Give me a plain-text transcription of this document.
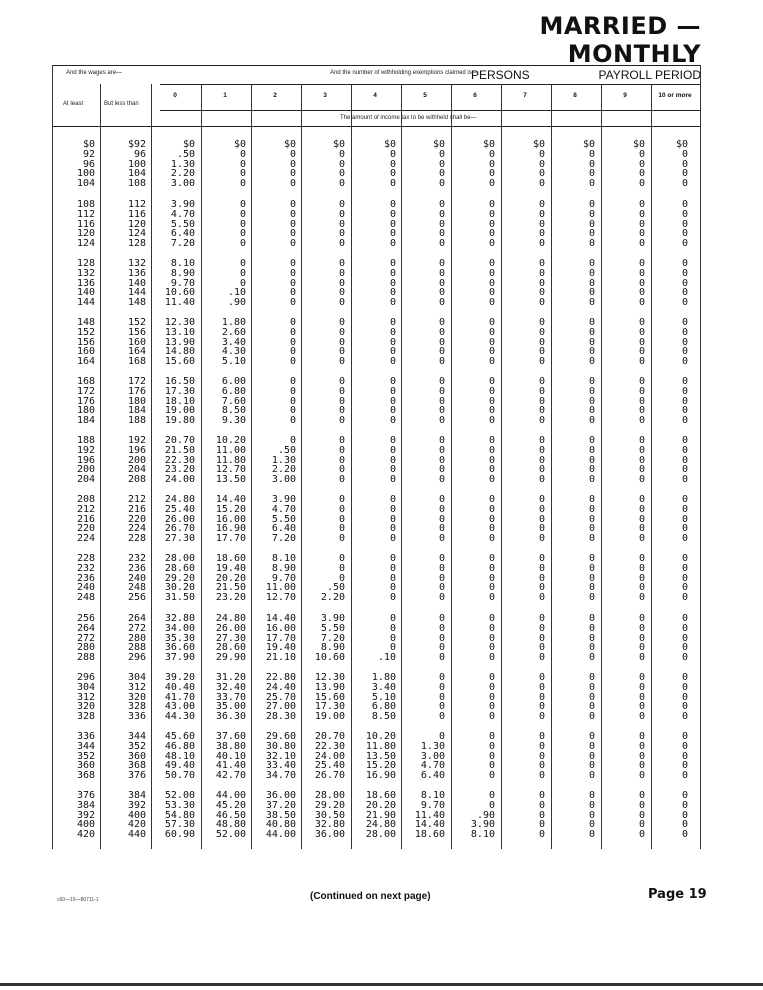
MARRIED — MONTHLY
PERSONS	PAYROLL PERIOD
And the wages are—	And the number of withholding exemptions claimed is—
At least	But less than
The amount of income tax to be withheld shall be—
0	1	2	3	4	5	6	7	8	9	10 or more
$0	$92	$0	$0	$0	$0	$0	$0	$0	$0	$0	$0	$0
92	96	.50	0	0	0	0	0	0	0	0	0	0
96	100	1.30	0	0	0	0	0	0	0	0	0	0
100	104	2.20	0	0	0	0	0	0	0	0	0	0
104	108	3.00	0	0	0	0	0	0	0	0	0	0
108	112	3.90	0	0	0	0	0	0	0	0	0	0
112	116	4.70	0	0	0	0	0	0	0	0	0	0
116	120	5.50	0	0	0	0	0	0	0	0	0	0
120	124	6.40	0	0	0	0	0	0	0	0	0	0
124	128	7.20	0	0	0	0	0	0	0	0	0	0
128	132	8.10	0	0	0	0	0	0	0	0	0	0
132	136	8.90	0	0	0	0	0	0	0	0	0	0
136	140	9.70	0	0	0	0	0	0	0	0	0	0
140	144	10.60	.10	0	0	0	0	0	0	0	0	0
144	148	11.40	.90	0	0	0	0	0	0	0	0	0
148	152	12.30	1.80	0	0	0	0	0	0	0	0	0
152	156	13.10	2.60	0	0	0	0	0	0	0	0	0
156	160	13.90	3.40	0	0	0	0	0	0	0	0	0
160	164	14.80	4.30	0	0	0	0	0	0	0	0	0
164	168	15.60	5.10	0	0	0	0	0	0	0	0	0
168	172	16.50	6.00	0	0	0	0	0	0	0	0	0
172	176	17.30	6.80	0	0	0	0	0	0	0	0	0
176	180	18.10	7.60	0	0	0	0	0	0	0	0	0
180	184	19.00	8.50	0	0	0	0	0	0	0	0	0
184	188	19.80	9.30	0	0	0	0	0	0	0	0	0
188	192	20.70	10.20	0	0	0	0	0	0	0	0	0
192	196	21.50	11.00	.50	0	0	0	0	0	0	0	0
196	200	22.30	11.80	1.30	0	0	0	0	0	0	0	0
200	204	23.20	12.70	2.20	0	0	0	0	0	0	0	0
204	208	24.00	13.50	3.00	0	0	0	0	0	0	0	0
208	212	24.80	14.40	3.90	0	0	0	0	0	0	0	0
212	216	25.40	15.20	4.70	0	0	0	0	0	0	0	0
216	220	26.00	16.00	5.50	0	0	0	0	0	0	0	0
220	224	26.70	16.90	6.40	0	0	0	0	0	0	0	0
224	228	27.30	17.70	7.20	0	0	0	0	0	0	0	0
228	232	28.00	18.60	8.10	0	0	0	0	0	0	0	0
232	236	28.60	19.40	8.90	0	0	0	0	0	0	0	0
236	240	29.20	20.20	9.70	0	0	0	0	0	0	0	0
240	248	30.20	21.50	11.00	.50	0	0	0	0	0	0	0
248	256	31.50	23.20	12.70	2.20	0	0	0	0	0	0	0
256	264	32.80	24.80	14.40	3.90	0	0	0	0	0	0	0
264	272	34.00	26.00	16.00	5.50	0	0	0	0	0	0	0
272	280	35.30	27.30	17.70	7.20	0	0	0	0	0	0	0
280	288	36.60	28.60	19.40	8.90	0	0	0	0	0	0	0
288	296	37.90	29.90	21.10	10.60	.10	0	0	0	0	0	0
296	304	39.20	31.20	22.80	12.30	1.80	0	0	0	0	0	0
304	312	40.40	32.40	24.40	13.90	3.40	0	0	0	0	0	0
312	320	41.70	33.70	25.70	15.60	5.10	0	0	0	0	0	0
320	328	43.00	35.00	27.00	17.30	6.80	0	0	0	0	0	0
328	336	44.30	36.30	28.30	19.00	8.50	0	0	0	0	0	0
336	344	45.60	37.60	29.60	20.70	10.20	0	0	0	0	0	0
344	352	46.80	38.80	30.80	22.30	11.80	1.30	0	0	0	0	0
352	360	48.10	40.10	32.10	24.00	13.50	3.00	0	0	0	0	0
360	368	49.40	41.40	33.40	25.40	15.20	4.70	0	0	0	0	0
368	376	50.70	42.70	34.70	26.70	16.90	6.40	0	0	0	0	0
376	384	52.00	44.00	36.00	28.00	18.60	8.10	0	0	0	0	0
384	392	53.30	45.20	37.20	29.20	20.20	9.70	0	0	0	0	0
392	400	54.80	46.50	38.50	30.50	21.90	11.40	.90	0	0	0	0
400	420	57.30	48.80	40.80	32.80	24.80	14.40	3.90	0	0	0	0
420	440	60.90	52.00	44.00	36.00	28.00	18.60	8.10	0	0	0	0
c60—16—80711-1	(Continued on next page)	Page 19
